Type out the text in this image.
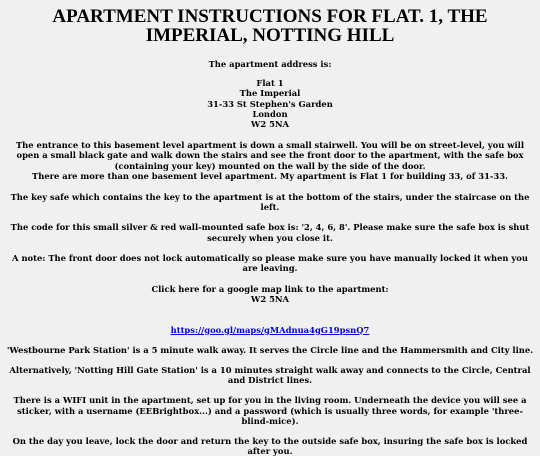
APARTMENT INSTRUCTIONS FOR FLAT. 1, THE IMPERIAL, NOTTING HILL
The apartment address is:
Flat 1
The Imperial
31-33 St Stephen's Garden
London
W2 5NA
The entrance to this basement level apartment is down a small stairwell. You will be on street-level, you will open a small black gate and walk down the stairs and see the front door to the apartment, with the safe box (containing your key) mounted on the wall by the side of the door.
There are more than one basement level apartment. My apartment is Flat 1 for building 33, of 31-33.
The key safe which contains the key to the apartment is at the bottom of the stairs, under the staircase on the left.
The code for this small silver & red wall-mounted safe box is: '2, 4, 6, 8'. Please make sure the safe box is shut securely when you close it.
A note: The front door does not lock automatically so please make sure you have manually locked it when you are leaving.
Click here for a google map link to the apartment:
W2 5NA
https://goo.gl/maps/gMAdnua4gG19psnQ7
'Westbourne Park Station' is a 5 minute walk away. It serves the Circle line and the Hammersmith and City line.
Alternatively, 'Notting Hill Gate Station' is a 10 minutes straight walk away and connects to the Circle, Central and District lines.
There is a WIFI unit in the apartment, set up for you in the living room. Underneath the device you will see a sticker, with a username (EEBrightbox...) and a password (which is usually three words, for example 'three-blind-mice).
On the day you leave, lock the door and return the key to the outside safe box, insuring the safe box is locked after you.
